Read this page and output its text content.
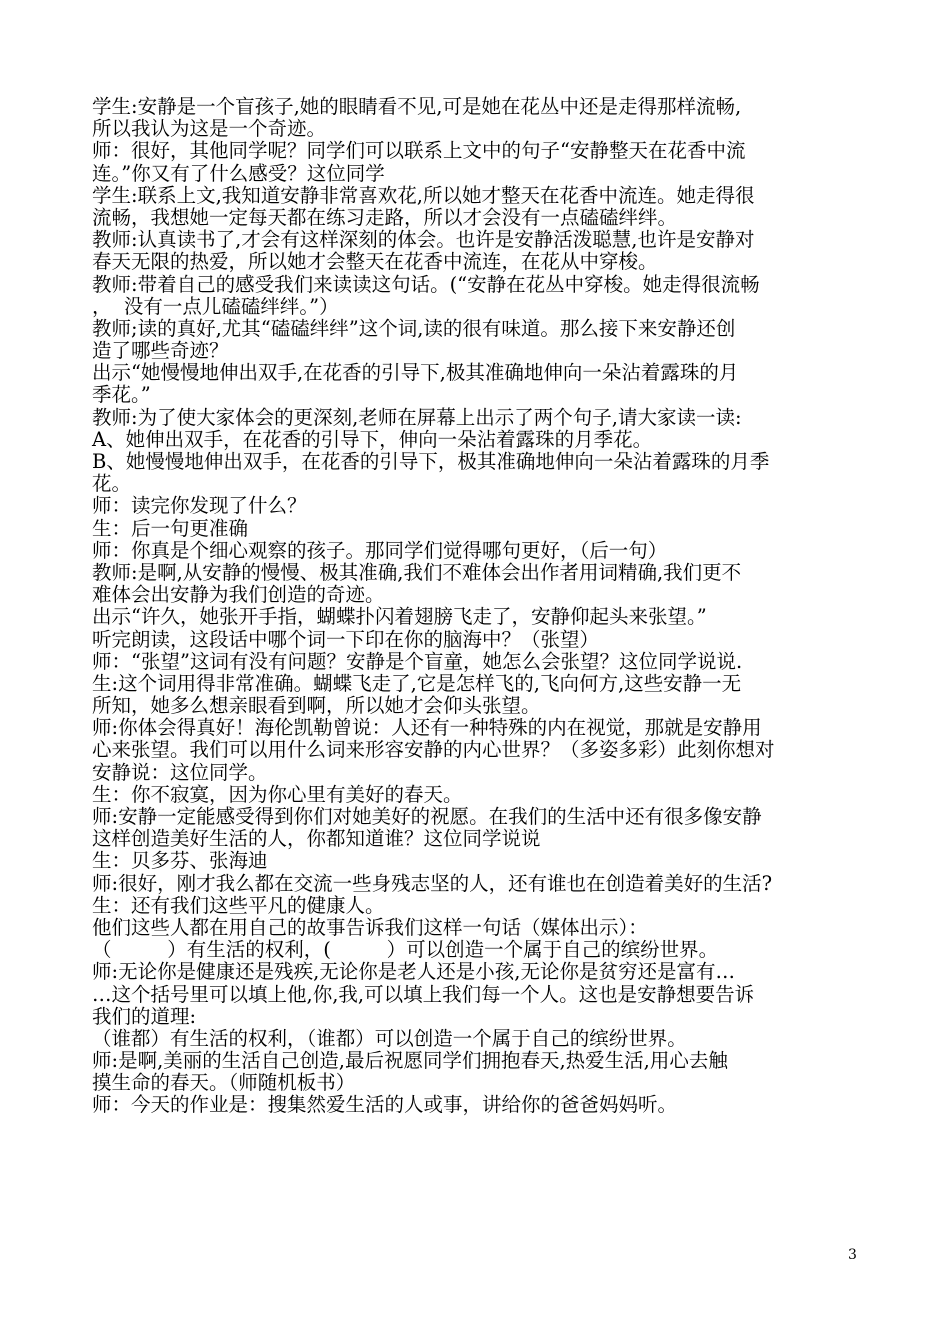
学生:安静是一个盲孩子,她的眼睛看不见,可是她在花丛中还是走得那样流畅,
所以我认为这是一个奇迹。
师：很好，其他同学呢？同学们可以联系上文中的句子“安静整天在花香中流
连。”你又有了什么感受？这位同学
学生:联系上文,我知道安静非常喜欢花,所以她才整天在花香中流连。她走得很
流畅，我想她一定每天都在练习走路，所以才会没有一点磕磕绊绊。
教师:认真读书了,才会有这样深刻的体会。也许是安静活泼聪慧,也许是安静对
春天无限的热爱，所以她才会整天在花香中流连，在花从中穿梭。
教师:带着自己的感受我们来读读这句话。(“安静在花丛中穿梭。她走得很流畅
，  没有一点儿磕磕绊绊。”）
教师;读的真好,尤其“磕磕绊绊”这个词,读的很有味道。那么接下来安静还创
造了哪些奇迹？
出示“她慢慢地伸出双手,在花香的引导下,极其准确地伸向一朵沾着露珠的月
季花。”
教师:为了使大家体会的更深刻,老师在屏幕上出示了两个句子,请大家读一读:
A、她伸出双手，在花香的引导下，伸向一朵沾着露珠的月季花。
B、她慢慢地伸出双手，在花香的引导下，极其准确地伸向一朵沾着露珠的月季
花。
师：读完你发现了什么？
生：后一句更准确
师：你真是个细心观察的孩子。那同学们觉得哪句更好，（后一句）
教师:是啊,从安静的慢慢、极其准确,我们不难体会出作者用词精确,我们更不
难体会出安静为我们创造的奇迹。
出示“许久，她张开手指，蝴蝶扑闪着翅膀飞走了，安静仰起头来张望。”
听完朗读，这段话中哪个词一下印在你的脑海中？（张望）
师：“张望”这词有没有问题？安静是个盲童，她怎么会张望？这位同学说说.
生:这个词用得非常准确。蝴蝶飞走了,它是怎样飞的,飞向何方,这些安静一无
所知，她多么想亲眼看到啊，所以她才会仰头张望。
师:你体会得真好！海伦凯勒曾说：人还有一种特殊的内在视觉，那就是安静用
心来张望。我们可以用什么词来形容安静的内心世界？（多姿多彩）此刻你想对
安静说：这位同学。
生：你不寂寞，因为你心里有美好的春天。
师:安静一定能感受得到你们对她美好的祝愿。在我们的生活中还有很多像安静
这样创造美好生活的人，你都知道谁？这位同学说说
生：贝多芬、张海迪
师:很好，刚才我么都在交流一些身残志坚的人，还有谁也在创造着美好的生活?
生：还有我们这些平凡的健康人。
他们这些人都在用自己的故事告诉我们这样一句话（媒体出示）：
（         ）有生活的权利，(         ）可以创造一个属于自己的缤纷世界。
师:无论你是健康还是残疾,无论你是老人还是小孩,无论你是贫穷还是富有…
…这个括号里可以填上他,你,我,可以填上我们每一个人。这也是安静想要告诉
我们的道理:
（谁都）有生活的权利，（谁都）可以创造一个属于自己的缤纷世界。
师:是啊,美丽的生活自己创造,最后祝愿同学们拥抱春天,热爱生活,用心去触
摸生命的春天。（师随机板书）
师：今天的作业是：搜集然爱生活的人或事，讲给你的爸爸妈妈听。
3
